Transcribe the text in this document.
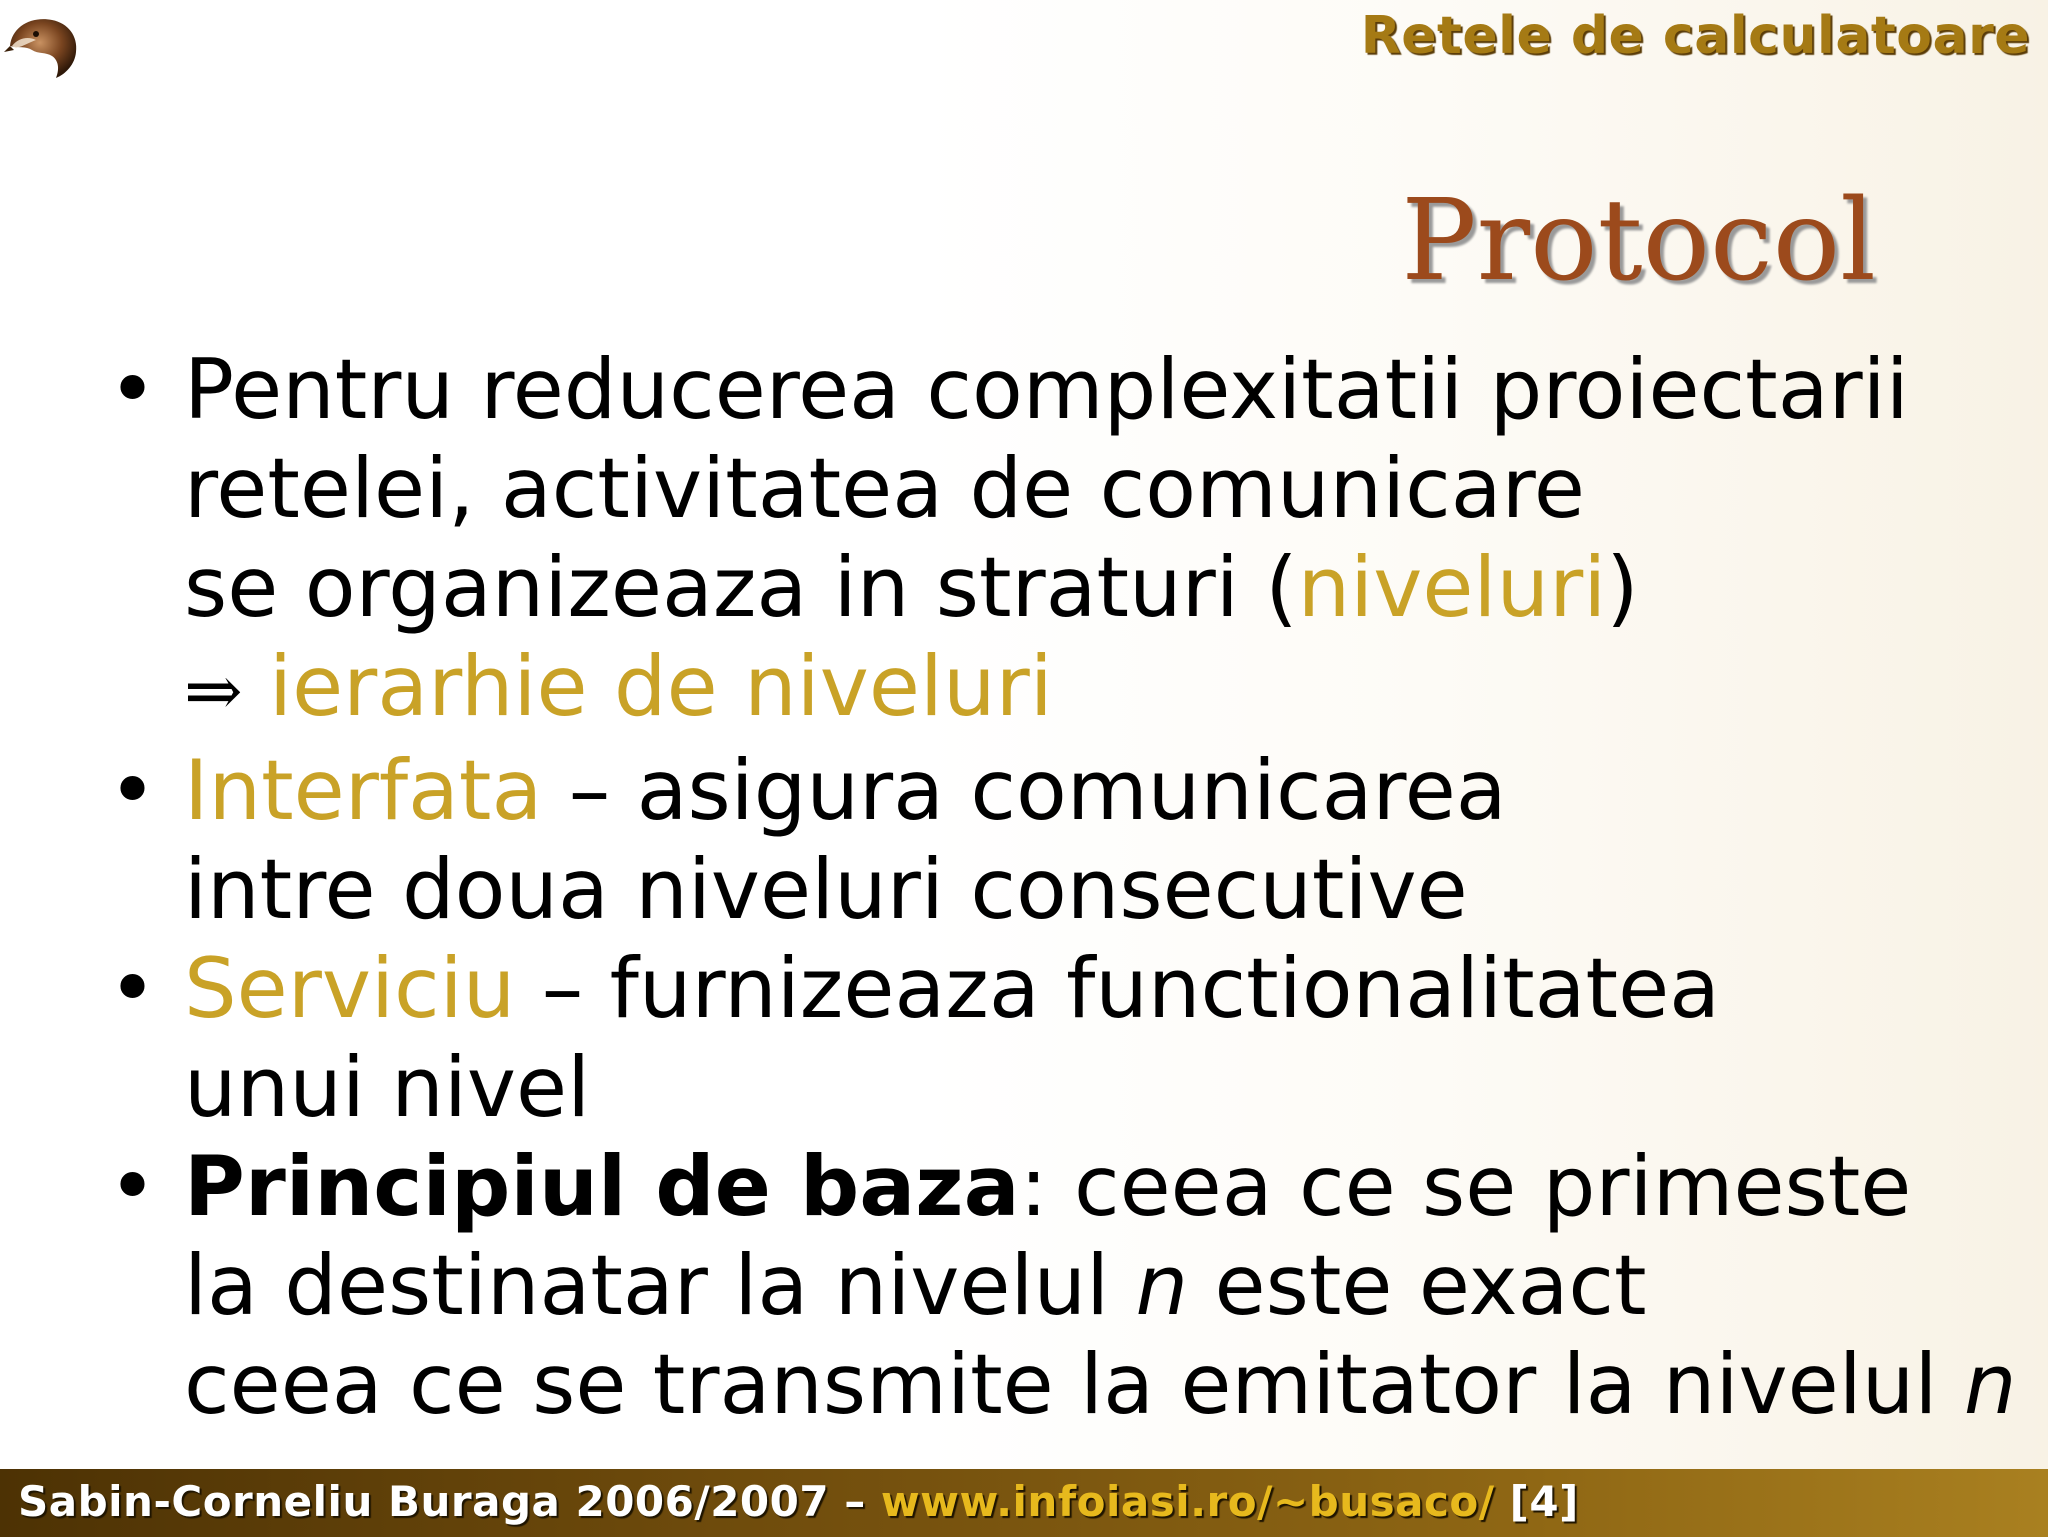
Retele de calculatoare
Protocol
• Pentru reducerea complexitatii proiectarii
retelei, activitatea de comunicare
se organizeaza in straturi (niveluri)
⇒ ierarhie de niveluri
• Interfata – asigura comunicarea
intre doua niveluri consecutive
• Serviciu – furnizeaza functionalitatea
unui nivel
• Principiul de baza: ceea ce se primeste
la destinatar la nivelul n este exact
ceea ce se transmite la emitator la nivelul n
Sabin-Corneliu Buraga 2006/2007 – www.infoiasi.ro/~busaco/ [4]
